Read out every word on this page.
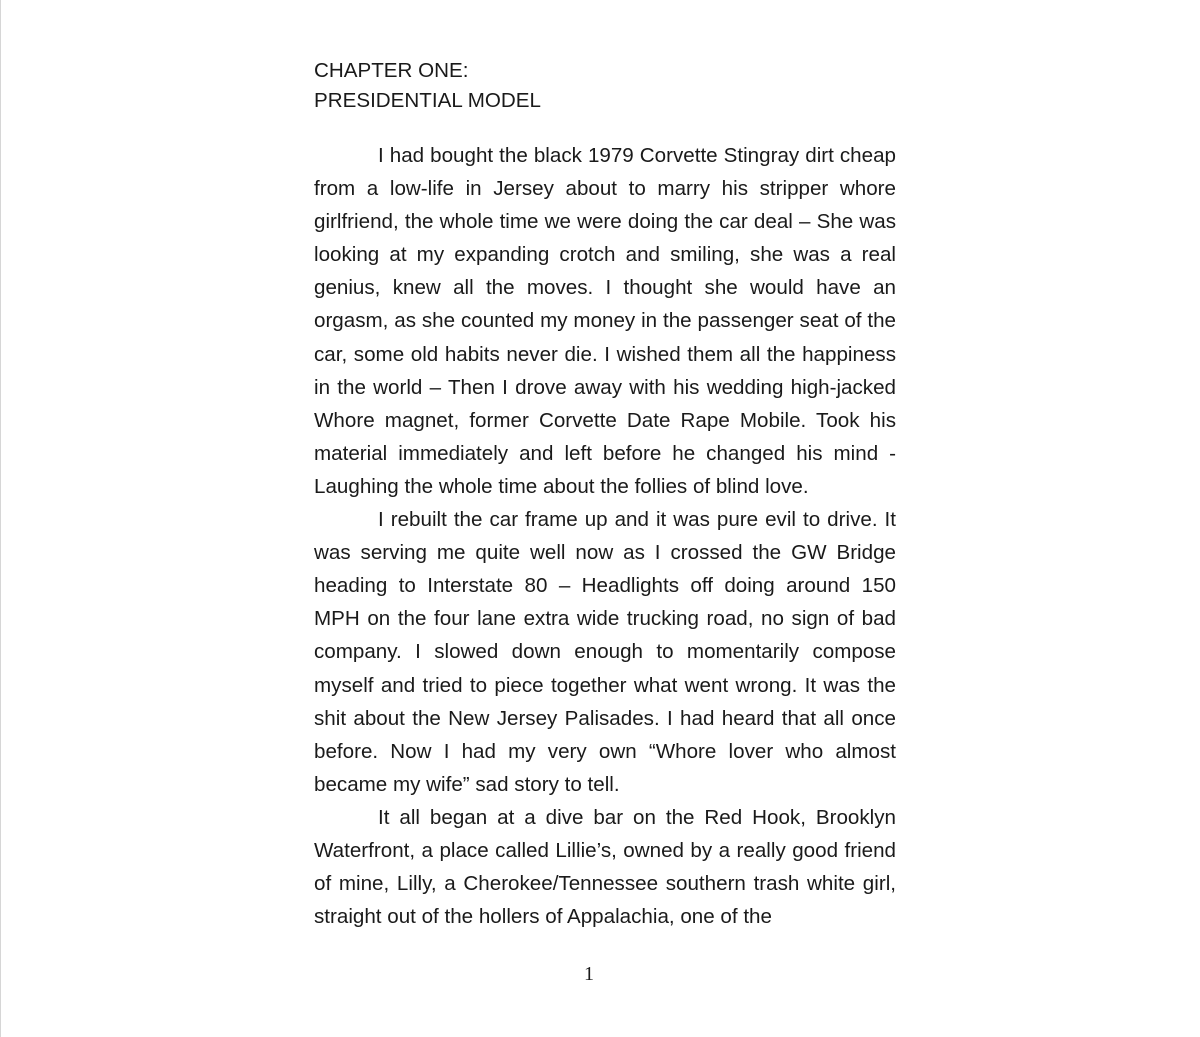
CHAPTER ONE:

PRESIDENTIAL MODEL

I had bought the black 1979 Corvette Stingray dirt cheap from a low-life in Jersey about to marry his stripper whore girlfriend, the whole time we were doing the car deal – She was looking at my expanding crotch and smiling, she was a real genius, knew all the moves. I thought she would have an orgasm, as she counted my money in the passenger seat of the car, some old habits never die. I wished them all the happiness in the world – Then I drove away with his wedding high-jacked Whore magnet, former Corvette Date Rape Mobile. Took his material immediately and left before he changed his mind - Laughing the whole time about the follies of blind love.

I rebuilt the car frame up and it was pure evil to drive. It was serving me quite well now as I crossed the GW Bridge heading to Interstate 80 – Headlights off doing around 150 MPH on the four lane extra wide trucking road, no sign of bad company. I slowed down enough to momentarily compose myself and tried to piece together what went wrong. It was the shit about the New Jersey Palisades. I had heard that all once before. Now I had my very own “Whore lover who almost became my wife” sad story to tell.

It all began at a dive bar on the Red Hook, Brooklyn Waterfront, a place called Lillie’s, owned by a really good friend of mine, Lilly, a Cherokee/Tennessee southern trash white girl, straight out of the hollers of Appalachia, one of the

1
